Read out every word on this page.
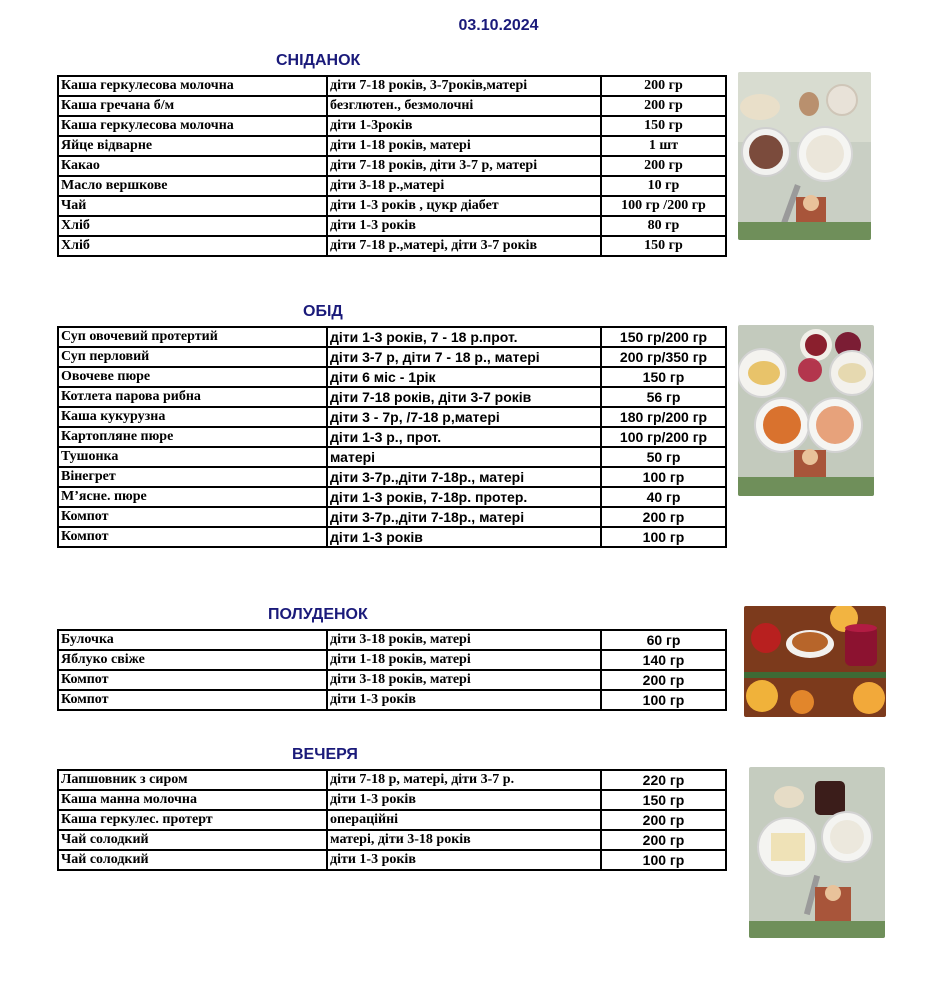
03.10.2024
СНІДАНОК
Каша геркулесова молочна	діти 7-18 років, 3-7років,матері	200 гр
Каша гречана б/м	безглютен., безмолочні	200 гр
Каша геркулесова молочна	діти 1-3років	150 гр
Яйце відварне	діти 1-18 років, матері	1 шт
Какао	діти 7-18 років, діти 3-7 р, матері	200 гр
Масло вершкове	діти 3-18 р.,матері	10 гр
Чай	діти 1-3 років , цукр діабет	100 гр /200 гр
Хліб	діти 1-3 років	80 гр
Хліб	діти 7-18 р.,матері, діти 3-7 років	150 гр
ОБІД
Суп овочевий протертий	діти 1-3 років, 7 - 18 р.прот.	150 гр/200 гр
Суп перловий	діти 3-7 р, діти 7 - 18 р., матері	200 гр/350 гр
Овочеве пюре	діти 6 міс - 1рік	150 гр
Котлета парова рибна	діти 7-18 років, діти 3-7 років	56 гр
Каша кукурузна	діти 3 - 7р, /7-18 р,матері	180 гр/200 гр
Картопляне пюре	діти 1-3 р., прот.	100 гр/200 гр
Тушонка	матері	50 гр
Вінегрет	діти 3-7р.,діти 7-18р., матері	100 гр
М’ясне. пюре	діти 1-3 років, 7-18р. протер.	40 гр
Компот	діти 3-7р.,діти 7-18р., матері	200 гр
Компот	діти 1-3 років	100 гр
ПОЛУДЕНОК
Булочка	діти 3-18 років, матері	60 гр
Яблуко свіже	діти 1-18 років, матері	140 гр
Компот	діти 3-18 років, матері	200 гр
Компот	діти 1-3 років	100 гр
ВЕЧЕРЯ
Лапшовник з сиром	діти 7-18 р, матері, діти 3-7 р.	220 гр
Каша манна молочна	діти 1-3 років	150 гр
Каша геркулес. протерт	операційні	200 гр
Чай солодкий	матері, діти 3-18 років	200 гр
Чай солодкий	діти 1-3 років	100 гр
